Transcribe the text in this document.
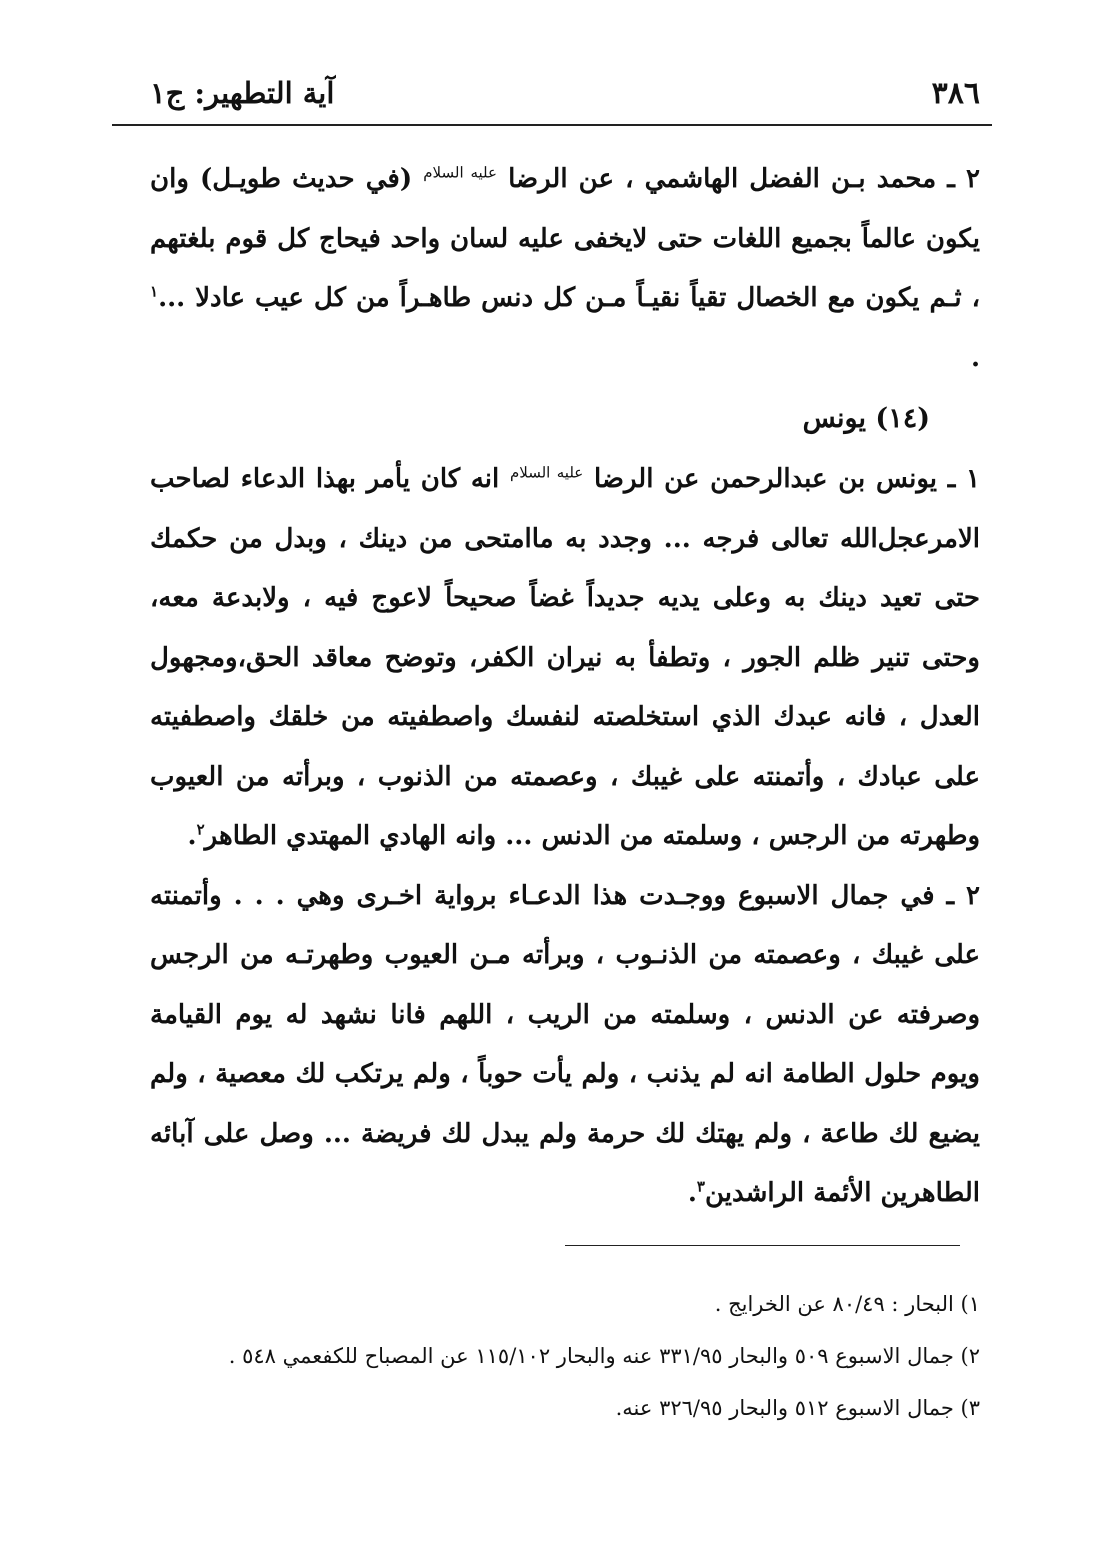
٣٨٦
آية التطهير: ج١

٢ ـ محمد بـن الفضل الهاشمي ، عن الرضا $^{عليه السلام}$ (في حديث طويـل) وان يكون عالماً بجميع اللغات حتى لايخفى عليه لسان واحد فيحاج كل قوم بلغتهم ، ثـم يكون مع الخصال تقياً نقيـاً مـن كل دنس طاهـراً من كل عيب عادلا ...$^١$ .

(١٤) يونس

١ ـ يونس بن عبدالرحمن عن الرضا $^{عليه السلام}$ انه كان يأمر بهذا الدعاء لصاحب الامرعجل‌الله تعالى فرجه ... وجدد به ماامتحى من دينك ، وبدل من حكمك حتى تعيد دينك به وعلى يديه جديداً غضاً صحيحاً لاعوج فيه ، ولابدعة معه، وحتى تنير ظلم الجور ، وتطفأ به نيران الكفر، وتوضح معاقد الحق،ومجهول العدل ، فانه عبدك الذي استخلصته لنفسك واصطفيته من خلقك واصطفيته على عبادك ، وأتمنته على غيبك ، وعصمته من الذنوب ، وبرأته من العيوب وطهرته من الرجس ، وسلمته من الدنس ... وانه الهادي المهتدي الطاهر$^٢$.

٢ ـ في جمال الاسبوع ووجـدت هذا الدعـاء برواية اخـرى وهي . . . وأتمنته على غيبك ، وعصمته من الذنـوب ، وبرأته مـن العيوب وطهرتـه من الرجس وصرفته عن الدنس ، وسلمته من الريب ، اللهم فانا نشهد له يوم القيامة ويوم حلول الطامة انه لم يذنب ، ولم يأت حوباً ، ولم يرتكب لك معصية ، ولم يضيع لك طاعة ، ولم يهتك لك حرمة ولم يبدل لك فريضة ... وصل على آبائه الطاهرين الأئمة الراشدين$^٣$.

١) البحار : ٨٠/٤٩ عن الخرايج .

٢) جمال الاسبوع ٥٠٩ والبحار ٣٣١/٩٥ عنه والبحار ١١٥/١٠٢ عن المصباح للكفعمي ٥٤٨ .

٣) جمال الاسبوع ٥١٢ والبحار ٣٢٦/٩٥ عنه.
